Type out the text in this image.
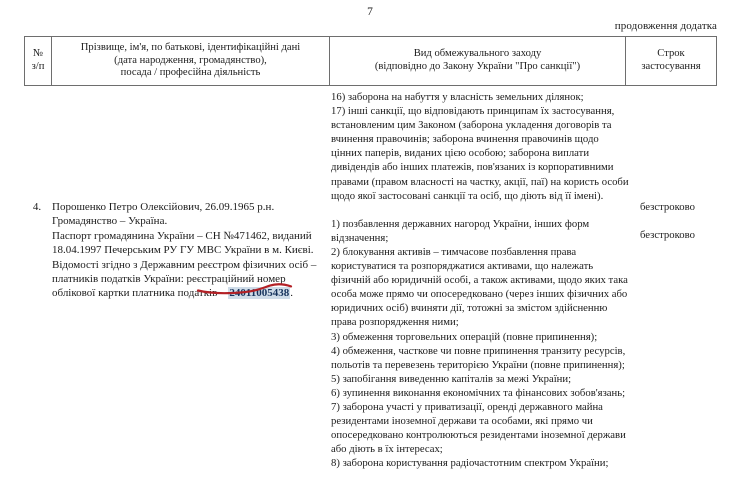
7
продовження додатка
№
з/п
Прізвище, ім'я, по батькові, ідентифікаційні дані
(дата народження, громадянство),
посада / професійна діяльність
Вид обмежувального заходу
(відповідно до Закону України "Про санкції")
Строк
застосування
4. Порошенко Петро Олексійович, 26.09.1965 р.н.
Громадянство – Україна.
Паспорт громадянина України – СН №471462, виданий
18.04.1997 Печерським РУ ГУ МВС України в м. Києві.
Відомості згідно з Державним реєстром фізичних осіб –
платників податків України: реєстраційний номер
облікової картки платника податків – 24011005438.
16) заборона на набуття у власність земельних ділянок;
17) інші санкції, що відповідають принципам їх застосування,
встановленим цим Законом (заборона укладення договорів та
вчинення правочинів; заборона вчинення правочинів щодо
цінних паперів, виданих цією особою; заборона виплати
дивідендів або інших платежів, пов'язаних із корпоративними
правами (правом власності на частку, акції, паї) на користь особи
щодо якої застосовані санкції та осіб, що діють від її імені).
1) позбавлення державних нагород України, інших форм
відзначення;
2) блокування активів – тимчасове позбавлення права
користуватися та розпоряджатися активами, що належать
фізичній або юридичній особі, а також активами, щодо яких така
особа може прямо чи опосередковано (через інших фізичних або
юридичних осіб) вчиняти дії, тотожні за змістом здійсненню
права розпорядження ними;
3) обмеження торговельних операцій (повне припинення);
4) обмеження, часткове чи повне припинення транзиту ресурсів,
польотів та перевезень територією України (повне припинення);
5) запобігання виведенню капіталів за межі України;
6) зупинення виконання економічних та фінансових зобов'язань;
7) заборона участі у приватизації, оренді державного майна
резидентами іноземної держави та особами, які прямо чи
опосередковано контролюються резидентами іноземної держави
або діють в їх інтересах;
8) заборона користування радіочастотним спектром України;
безстроково
безстроково
